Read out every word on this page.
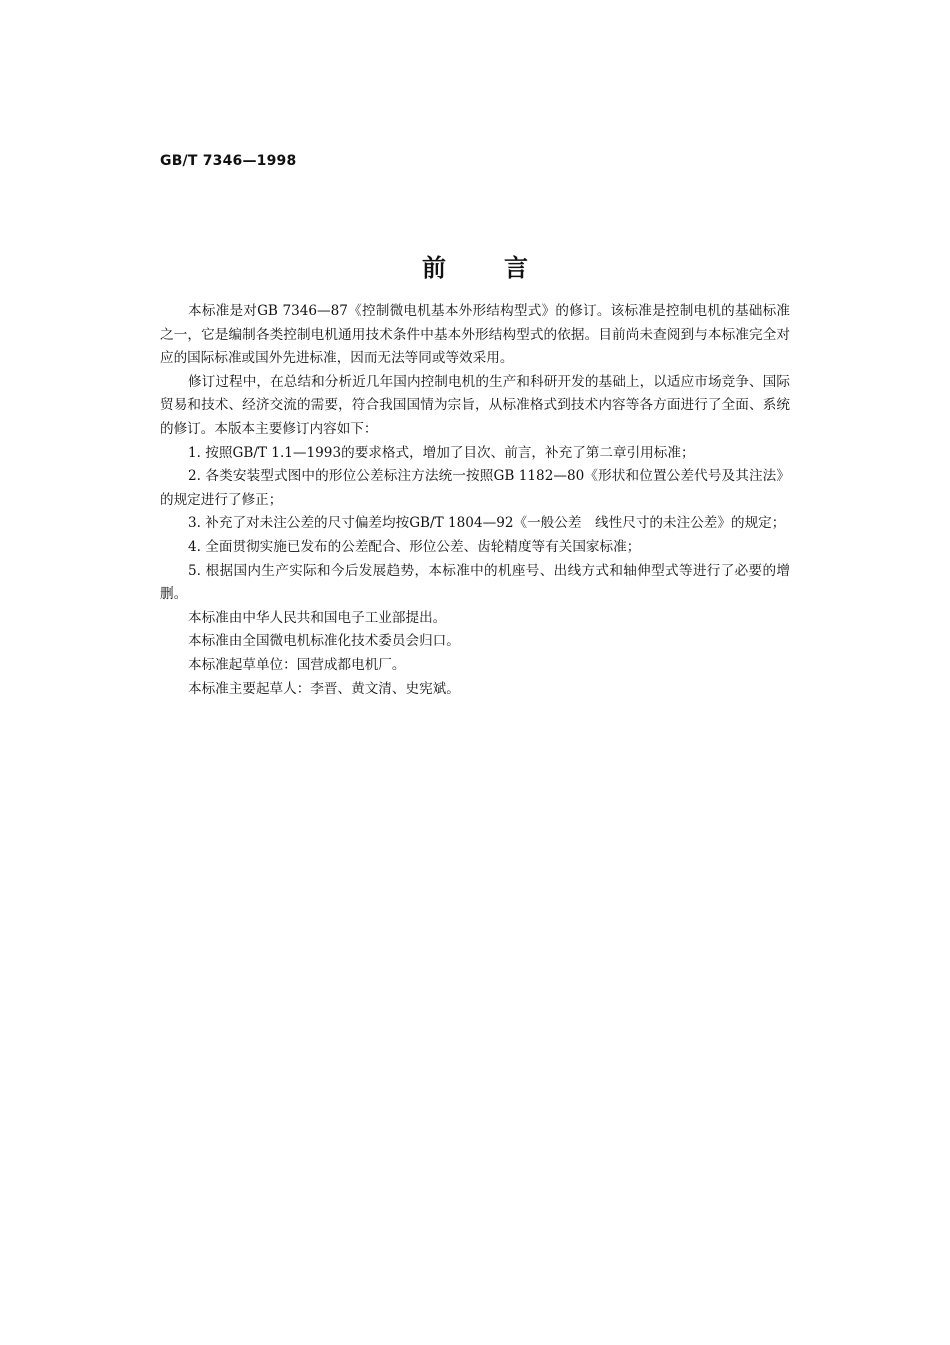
GB/T 7346—1998
前言

本标准是对GB 7346—87《控制微电机基本外形结构型式》的修订。该标准是控制电机的基础标准之一，它是编制各类控制电机通用技术条件中基本外形结构型式的依据。目前尚未查阅到与本标准完全对应的国际标准或国外先进标准，因而无法等同或等效采用。

修订过程中，在总结和分析近几年国内控制电机的生产和科研开发的基础上，以适应市场竞争、国际贸易和技术、经济交流的需要，符合我国国情为宗旨，从标准格式到技术内容等各方面进行了全面、系统的修订。本版本主要修订内容如下：

1. 按照GB/T 1.1—1993的要求格式，增加了目次、前言，补充了第二章引用标准；

2. 各类安装型式图中的形位公差标注方法统一按照GB 1182—80《形状和位置公差代号及其注法》的规定进行了修正；

3. 补充了对未注公差的尺寸偏差均按GB/T 1804—92《一般公差　线性尺寸的未注公差》的规定；

4. 全面贯彻实施已发布的公差配合、形位公差、齿轮精度等有关国家标准；

5. 根据国内生产实际和今后发展趋势，本标准中的机座号、出线方式和轴伸型式等进行了必要的增删。

本标准由中华人民共和国电子工业部提出。

本标准由全国微电机标准化技术委员会归口。

本标准起草单位：国营成都电机厂。

本标准主要起草人：李晋、黄文清、史宪斌。
